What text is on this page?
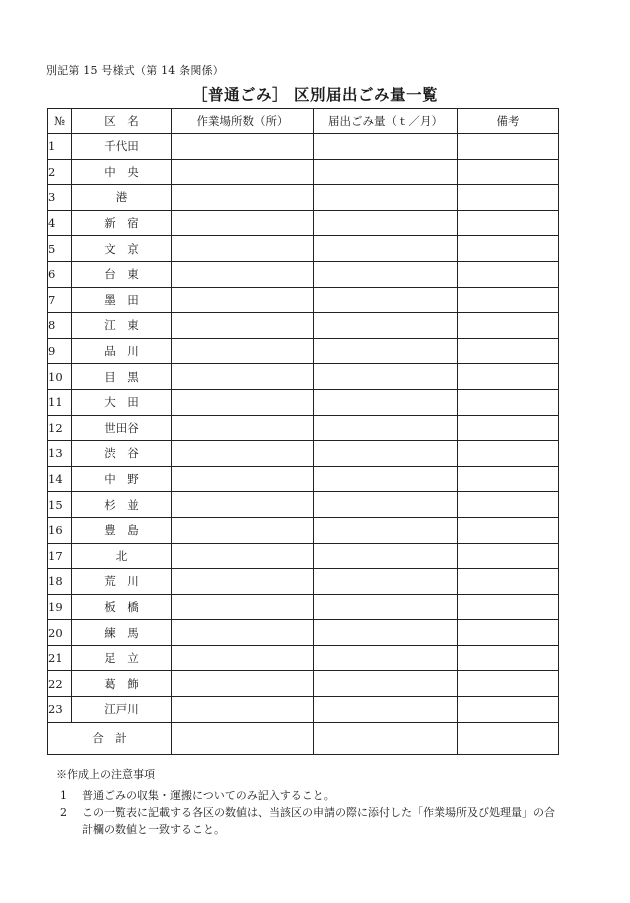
別記第 15 号様式（第 14 条関係）
［普通ごみ］ 区別届出ごみ量一覧
№	区　名	作業場所数（所）	届出ごみ量（ｔ／月）	備考
1	千代田			
2	中　央			
3	港			
4	新　宿			
5	文　京			
6	台　東			
7	墨　田			
8	江　東			
9	品　川			
10	目　黒			
11	大　田			
12	世田谷			
13	渋　谷			
14	中　野			
15	杉　並			
16	豊　島			
17	北			
18	荒　川			
19	板　橋			
20	練　馬			
21	足　立			
22	葛　飾			
23	江戸川			
合　計				
※作成上の注意事項
1 普通ごみの収集・運搬についてのみ記入すること。
2 この一覧表に記載する各区の数値は、当該区の申請の際に添付した「作業場所及び処理量」の合
計欄の数値と一致すること。
